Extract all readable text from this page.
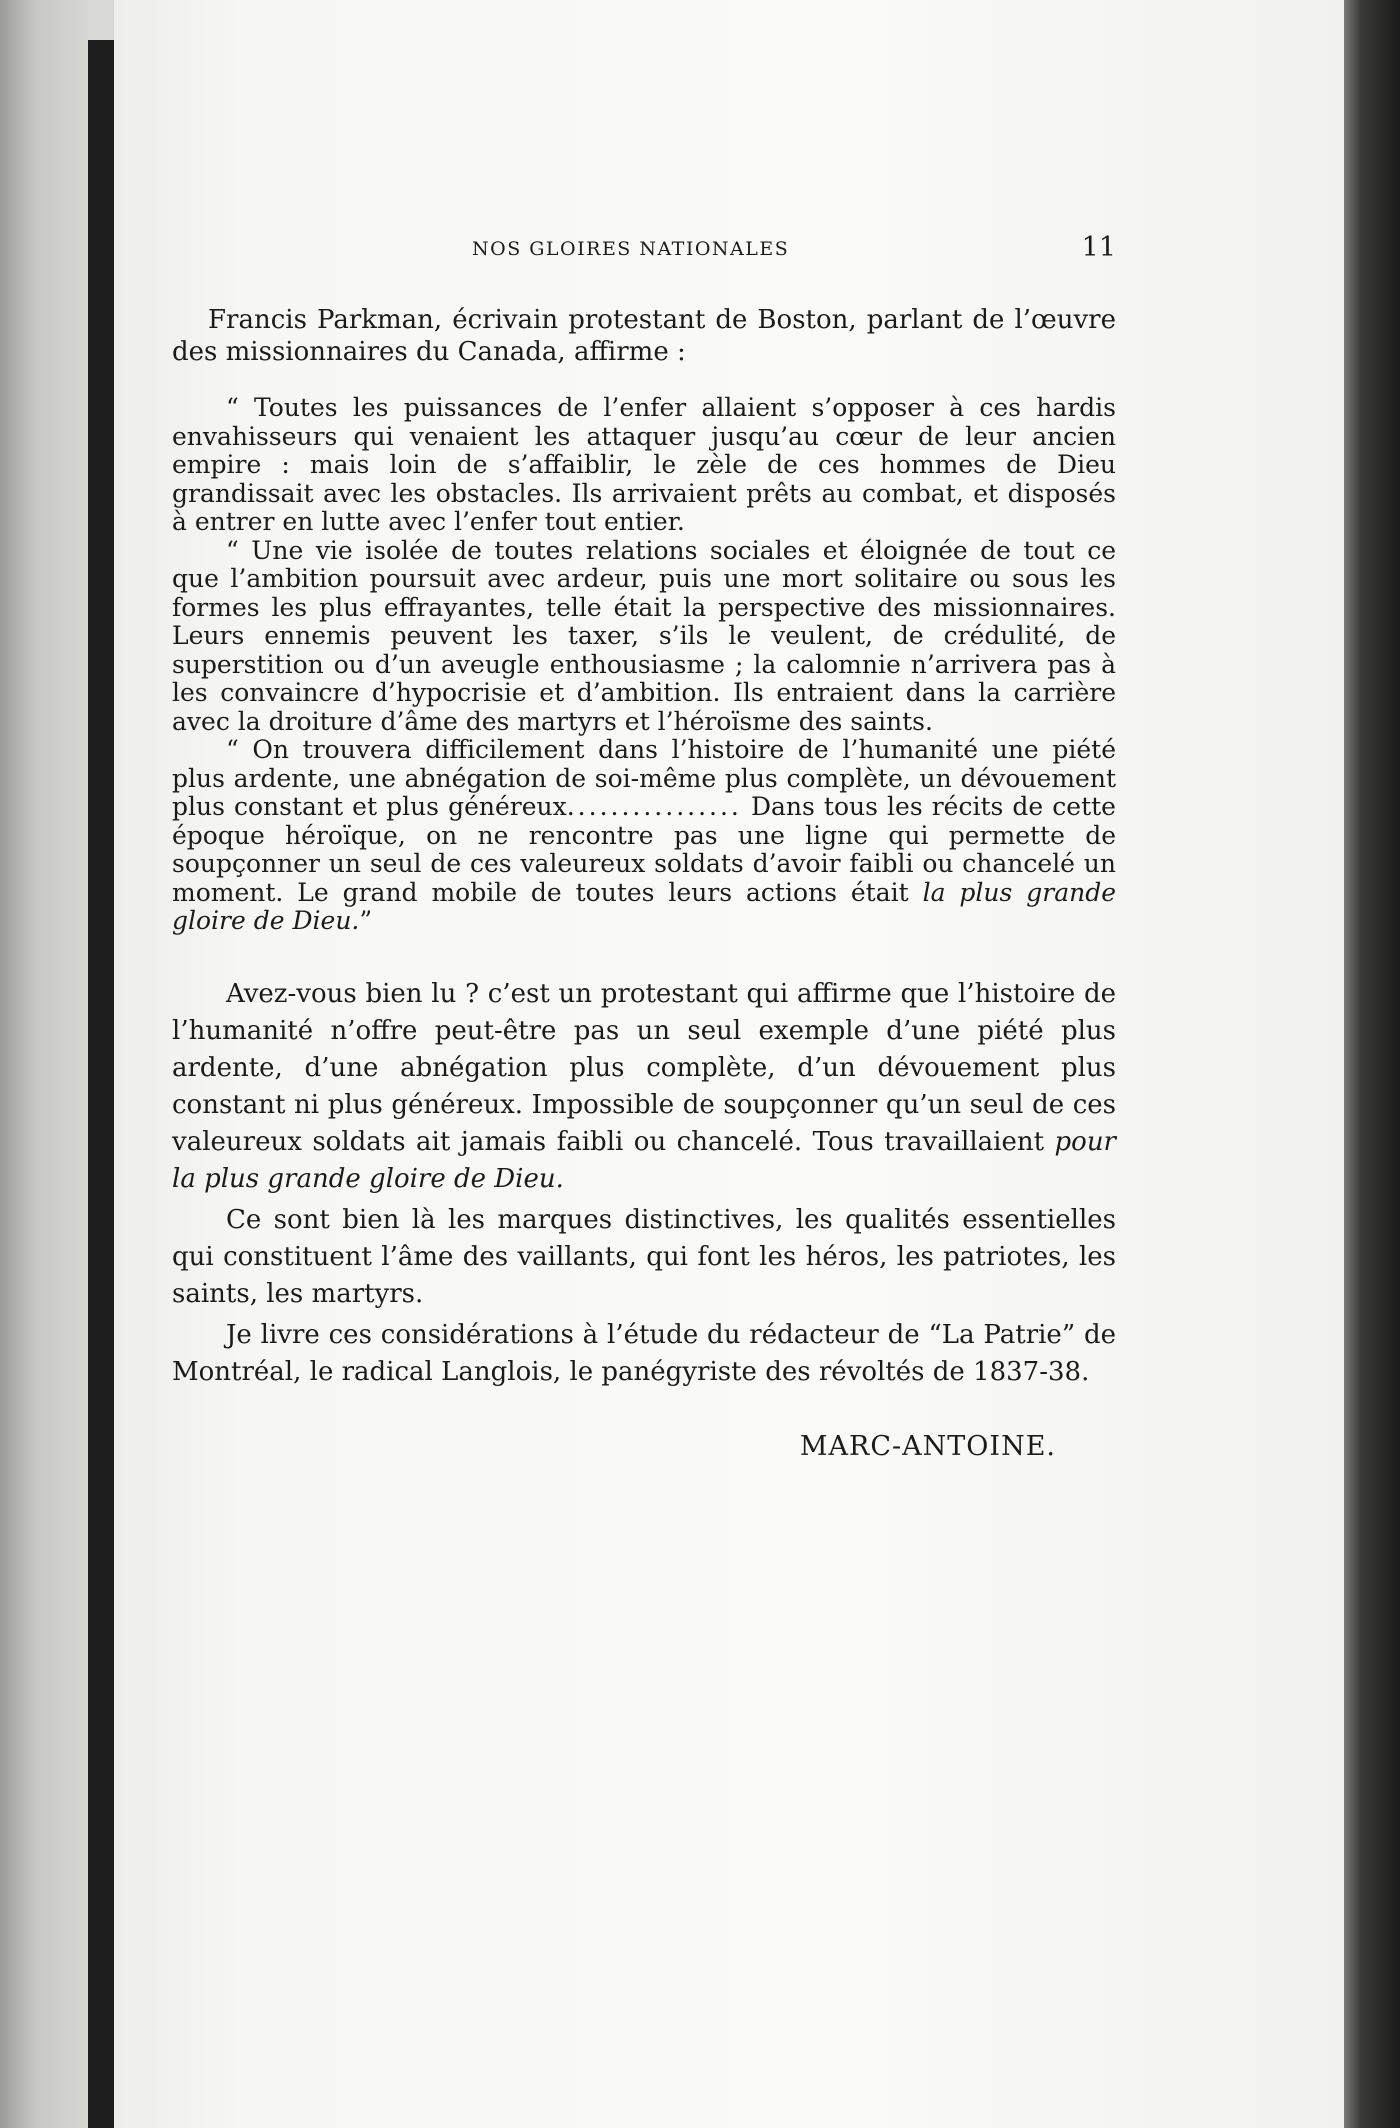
NOS GLOIRES NATIONALES	11

Francis Parkman, écrivain protestant de Boston, parlant de l’œuvre des missionnaires du Canada, affirme :

“ Toutes les puissances de l’enfer allaient s’opposer à ces hardis envahisseurs qui venaient les attaquer jusqu’au cœur de leur ancien empire : mais loin de s’affaiblir, le zèle de ces hommes de Dieu grandissait avec les obstacles. Ils arrivaient prêts au combat, et disposés à entrer en lutte avec l’enfer tout entier.

“ Une vie isolée de toutes relations sociales et éloignée de tout ce que l’ambition poursuit avec ardeur, puis une mort solitaire ou sous les formes les plus effrayantes, telle était la perspective des missionnaires. Leurs ennemis peuvent les taxer, s’ils le veulent, de crédulité, de superstition ou d’un aveugle enthousiasme ; la calomnie n’arrivera pas à les convaincre d’hypocrisie et d’ambition. Ils entraient dans la carrière avec la droiture d’âme des martyrs et l’héroïsme des saints.

“ On trouvera difficilement dans l’histoire de l’humanité une piété plus ardente, une abnégation de soi-même plus complète, un dévouement plus constant et plus généreux................ Dans tous les récits de cette époque héroïque, on ne rencontre pas une ligne qui permette de soupçonner un seul de ces valeureux soldats d’avoir faibli ou chancelé un moment. Le grand mobile de toutes leurs actions était la plus grande gloire de Dieu.”

Avez-vous bien lu ? c’est un protestant qui affirme que l’histoire de l’humanité n’offre peut-être pas un seul exemple d’une piété plus ardente, d’une abnégation plus complète, d’un dévouement plus constant ni plus généreux. Impossible de soupçonner qu’un seul de ces valeureux soldats ait jamais faibli ou chancelé. Tous travaillaient pour la plus grande gloire de Dieu.

Ce sont bien là les marques distinctives, les qualités essentielles qui constituent l’âme des vaillants, qui font les héros, les patriotes, les saints, les martyrs.

Je livre ces considérations à l’étude du rédacteur de “La Patrie” de Montréal, le radical Langlois, le panégyriste des révoltés de 1837-38.

MARC-ANTOINE.
